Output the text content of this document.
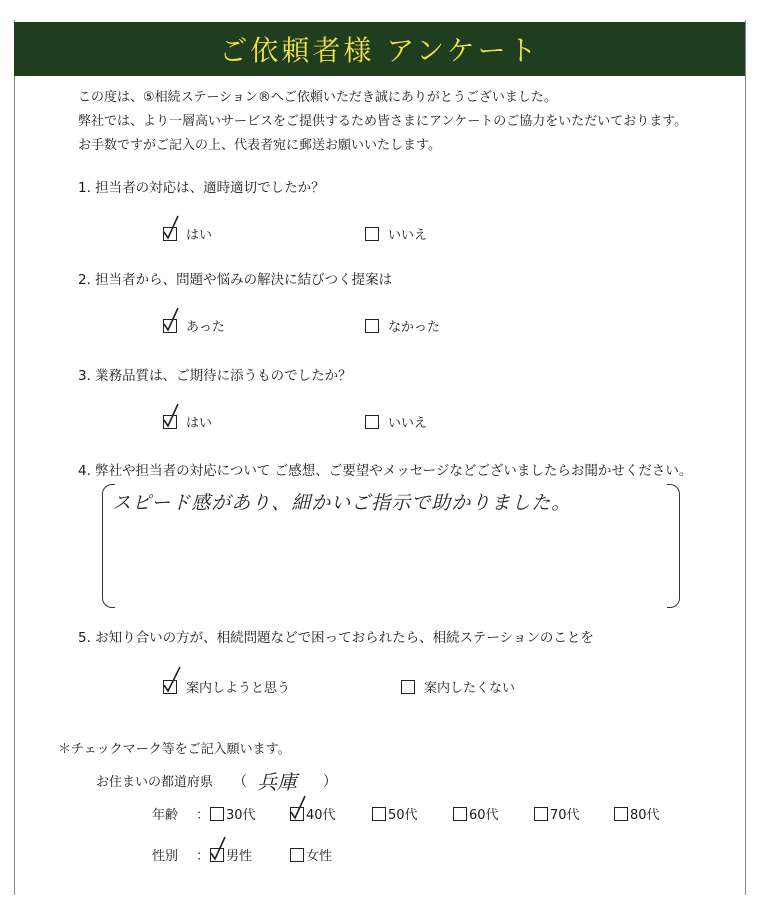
ご依頼者様 アンケート
この度は、⑤相続ステーション®へご依頼いただき誠にありがとうございました。
弊社では、より一層高いサービスをご提供するため皆さまにアンケートのご協力をいただいております。
お手数ですがご記入の上、代表者宛に郵送お願いいたします。
1. 担当者の対応は、適時適切でしたか？
はい	いいえ
2. 担当者から、問題や悩みの解決に結びつく提案は
あった	なかった
3. 業務品質は、ご期待に添うものでしたか？
はい	いいえ
4. 弊社や担当者の対応について ご感想、ご要望やメッセージなどございましたらお聞かせください。
スピード感があり、細かいご指示で助かりました。
5. お知り合いの方が、相続問題などで困っておられたら、相続ステーションのことを
案内しようと思う	案内したくない
＊チェックマーク等をご記入願います。
お住まいの都道府県 （ 兵庫 ）
年齢 ： 30代	40代	50代	60代	70代	80代
性別 ： 男性	女性
